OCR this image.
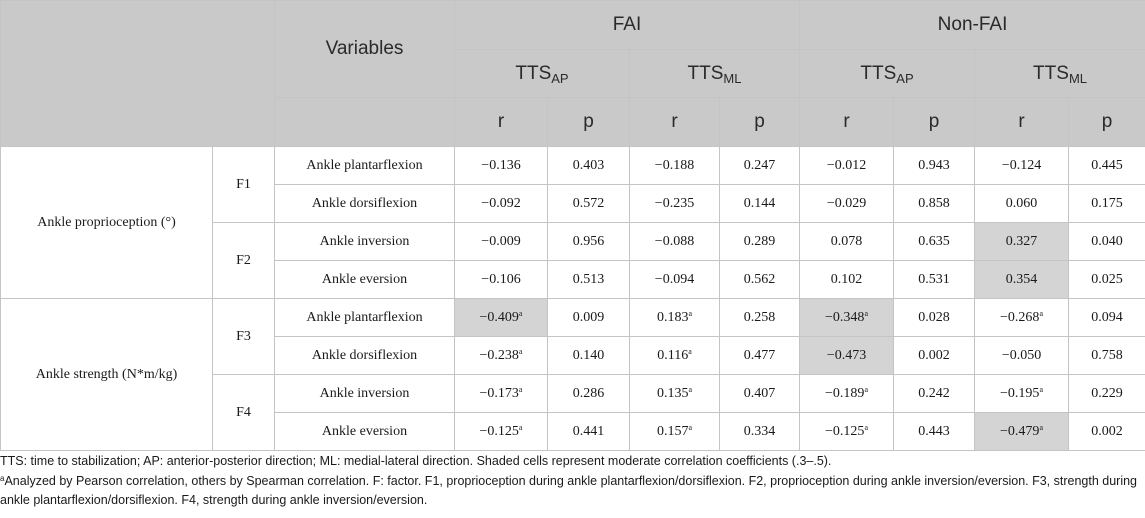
		Variables	FAI				Non-FAI			
			$TTS_{AP}$		$TTS_{ML}$		$TTS_{AP}$		$TTS_{ML}$
			r	p	r	p	r	p	r	p
Ankle proprioception (°)	F1	Ankle plantarflexion	−0.136	0.403	−0.188	0.247	−0.012	0.943	−0.124	0.445
		Ankle dorsiflexion	−0.092	0.572	−0.235	0.144	−0.029	0.858	0.060	0.175
	F2	Ankle inversion	−0.009	0.956	−0.088	0.289	0.078	0.635	0.327	0.040
		Ankle eversion	−0.106	0.513	−0.094	0.562	0.102	0.531	0.354	0.025
Ankle strength (N*m/kg)	F3	Ankle plantarflexion	−0.409$^a$	0.009	0.183$^a$	0.258	−0.348$^a$	0.028	−0.268$^a$	0.094
		Ankle dorsiflexion	−0.238$^a$	0.140	0.116$^a$	0.477	−0.473	0.002	−0.050	0.758
	F4	Ankle inversion	−0.173$^a$	0.286	0.135$^a$	0.407	−0.189$^a$	0.242	−0.195$^a$	0.229
		Ankle eversion	−0.125$^a$	0.441	0.157$^a$	0.334	−0.125$^a$	0.443	−0.479$^a$	0.002

TTS: time to stabilization; AP: anterior-posterior direction; ML: medial-lateral direction. Shaded cells represent moderate correlation coefficients (.3–.5).

$^a$Analyzed by Pearson correlation, others by Spearman correlation. F: factor. F1, proprioception during ankle plantarflexion/dorsiflexion. F2, proprioception during ankle inversion/eversion. F3, strength during ankle plantarflexion/dorsiflexion. F4, strength during ankle inversion/eversion.
